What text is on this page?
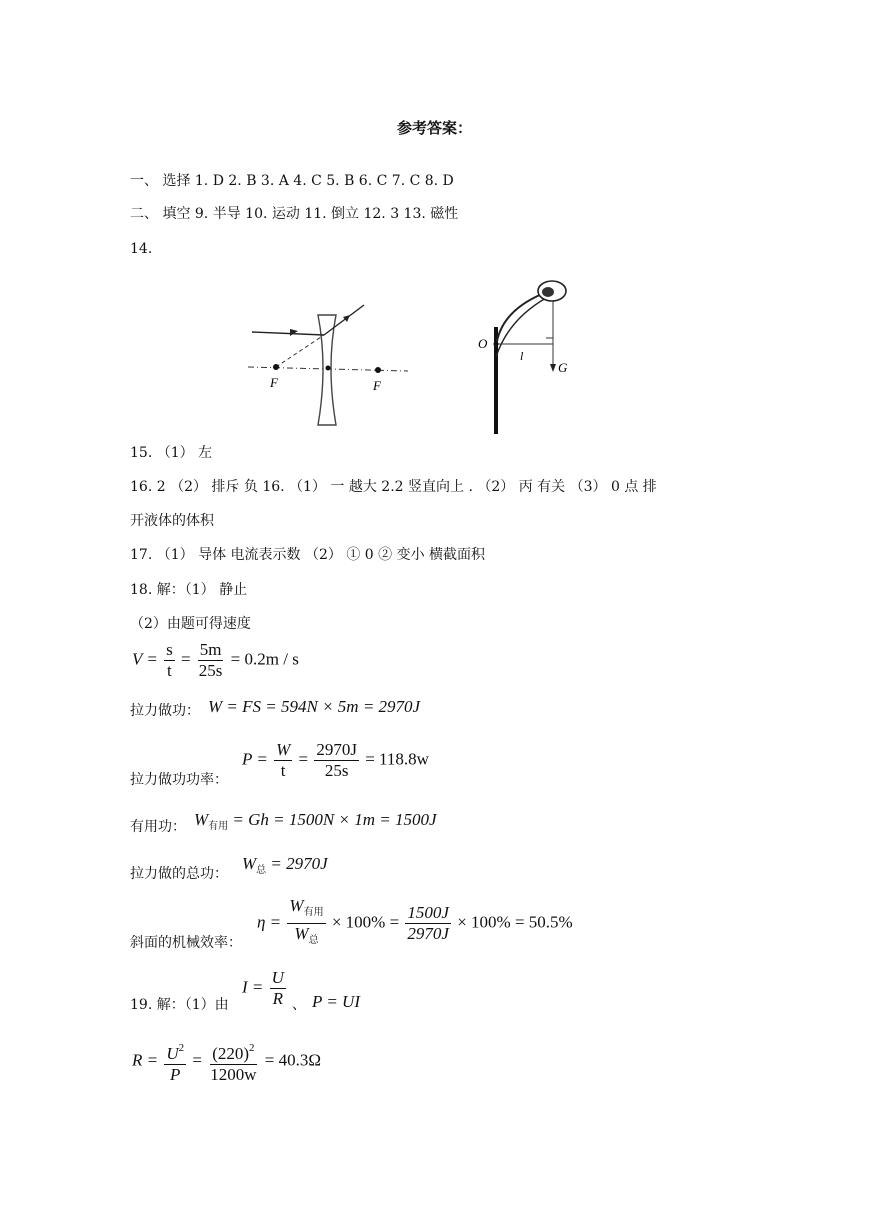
参考答案：
一、 选择 1. D 2. B 3. A 4. C 5. B 6. C 7. C 8. D
二、 填空 9. 半导 10. 运动 11. 倒立 12. 3 13. 磁性
14.
F	F
O
l
G
15. （1） 左
16. 2 （2） 排斥 负 16. （1） 一 越大 2.2 竖直向上 . （2） 丙 有关 （3） 0 点 排
开液体的体积
17. （1） 导体 电流表示数 （2） ① 0 ② 变小 横截面积
18. 解：（1） 静止
（2）由题可得速度
$V = \frac{s}{t} = \frac{5m}{25s} = 0.2m / s$
拉力做功： W = FS = 594N × 5m = 2970J
$P = \frac{W}{t} = \frac{2970J}{25s} = 118.8w$
拉力做功功率：
有用功： $W_{有用} = Gh = 1500N \times 1m = 1500J$
拉力做的总功：
$W_总 = 2970J$
$\eta = \frac{W_{有用}}{W_总} \times 100\% = \frac{1500J}{2970J} \times 100\% = 50.5\%$
斜面的机械效率：
19. 解：（1）由
$I = \frac{U}{R}$ 、 P = UI
$R = \frac{U^2}{P} = \frac{(220)^2}{1200w} = 40.3\Omega$
